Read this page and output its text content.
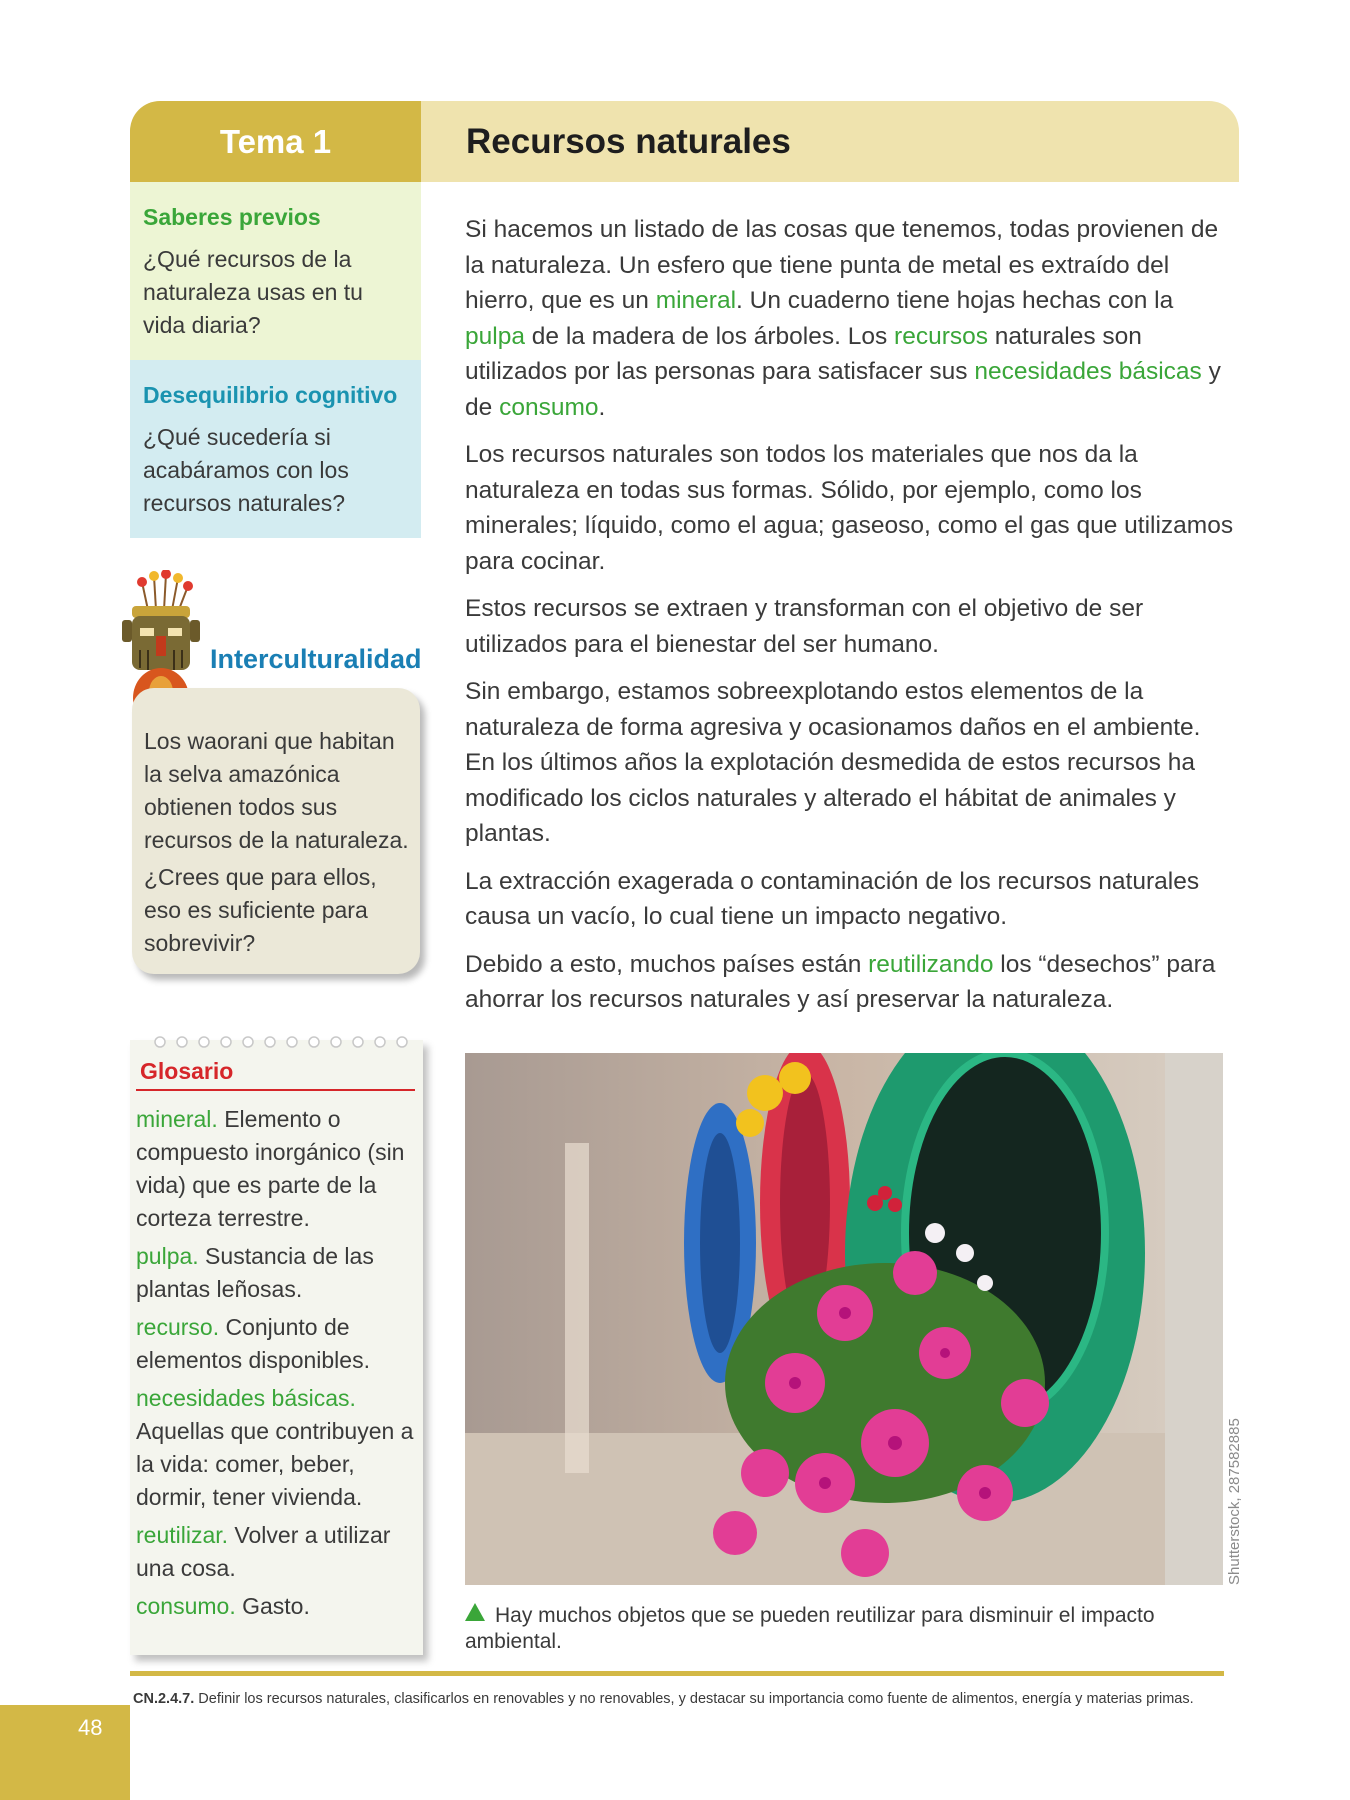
Tema 1	Recursos naturales
Saberes previos
¿Qué recursos de la naturaleza usas en tu vida diaria?
Desequilibrio cognitivo
¿Qué sucedería si acabáramos con los recursos naturales?
Interculturalidad
Los waorani que habitan la selva amazónica obtienen todos sus recursos de la naturaleza.
¿Crees que para ellos, eso es suficiente para sobrevivir?
Glosario
mineral. Elemento o compuesto inorgánico (sin vida) que es parte de la corteza terrestre.
pulpa. Sustancia de las plantas leñosas.
recurso. Conjunto de elementos disponibles.
necesidades básicas. Aquellas que contribuyen a la vida: comer, beber, dormir, tener vivienda.
reutilizar. Volver a utilizar una cosa.
consumo. Gasto.

Si hacemos un listado de las cosas que tenemos, todas provienen de la naturaleza. Un esfero que tiene punta de metal es extraído del hierro, que es un mineral. Un cuaderno tiene hojas hechas con la pulpa de la madera de los árboles. Los recursos naturales son utilizados por las personas para satisfacer sus necesidades básicas y de consumo.

Los recursos naturales son todos los materiales que nos da la naturaleza en todas sus formas. Sólido, por ejemplo, como los minerales; líquido, como el agua; gaseoso, como el gas que utilizamos para cocinar.

Estos recursos se extraen y transforman con el objetivo de ser utilizados para el bienestar del ser humano.

Sin embargo, estamos sobreexplotando estos elementos de la naturaleza de forma agresiva y ocasionamos daños en el ambiente. En los últimos años la explotación desmedida de estos recursos ha modificado los ciclos naturales y alterado el hábitat de animales y plantas.

La extracción exagerada o contaminación de los recursos naturales causa un vacío, lo cual tiene un impacto negativo.

Debido a esto, muchos países están reutilizando los “desechos” para ahorrar los recursos naturales y así preservar la naturaleza.

Shutterstock, 287582885
Hay muchos objetos que se pueden reutilizar para disminuir el impacto ambiental.
CN.2.4.7. Definir los recursos naturales, clasificarlos en renovables y no renovables, y destacar su importancia como fuente de alimentos, energía y materias primas.
48
